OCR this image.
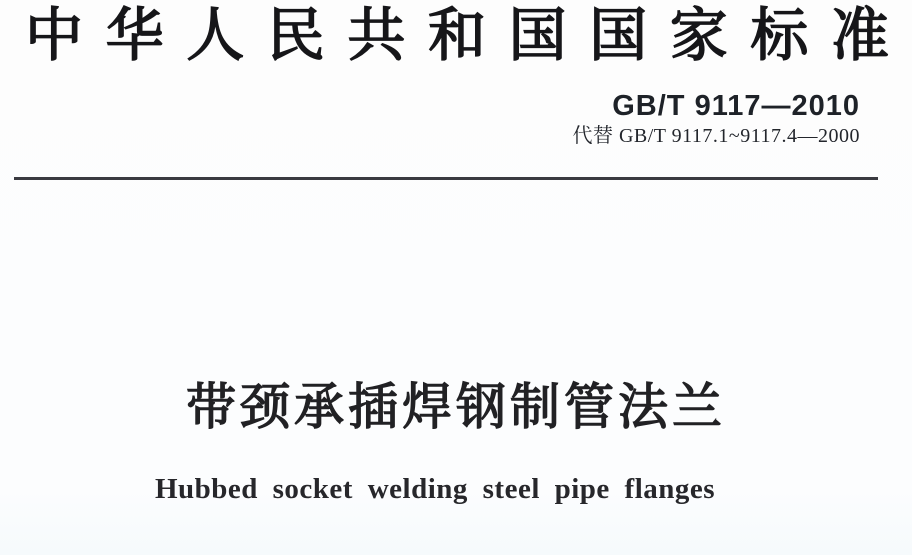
中华人民共和国国家标准
GB/T 9117—2010
代替 GB/T 9117.1~9117.4—2000
带颈承插焊钢制管法兰
Hubbed socket welding steel pipe flanges
